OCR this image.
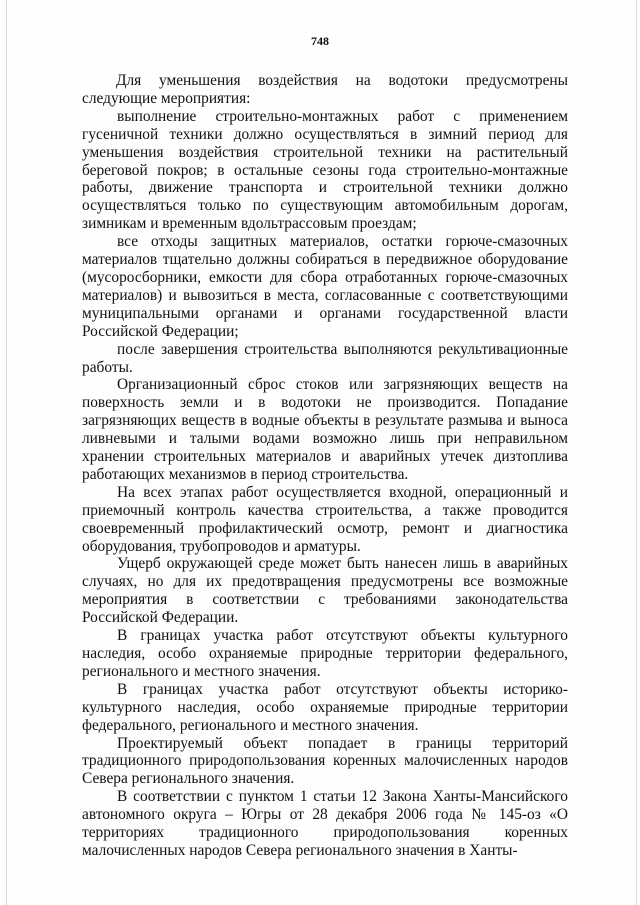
748

Для уменьшения воздействия на водотоки предусмотрены следующие мероприятия:

выполнение строительно-монтажных работ с применением гусеничной техники должно осуществляться в зимний период для уменьшения воздействия строительной техники на растительный береговой покров; в остальные сезоны года строительно-монтажные работы, движение транспорта и строительной техники должно осуществляться только по существующим автомобильным дорогам, зимникам и временным вдольтрассовым проездам;

все отходы защитных материалов, остатки горюче-смазочных материалов тщательно должны собираться в передвижное оборудование (мусоросборники, емкости для сбора отработанных горюче-смазочных материалов) и вывозиться в места, согласованные с соответствующими муниципальными органами и органами государственной власти Российской Федерации;

после завершения строительства выполняются рекультивационные работы.

Организационный сброс стоков или загрязняющих веществ на поверхность земли и в водотоки не производится. Попадание загрязняющих веществ в водные объекты в результате размыва и выноса ливневыми и талыми водами возможно лишь при неправильном хранении строительных материалов и аварийных утечек дизтоплива работающих механизмов в период строительства.

На всех этапах работ осуществляется входной, операционный и приемочный контроль качества строительства, а также проводится своевременный профилактический осмотр, ремонт и диагностика оборудования, трубопроводов и арматуры.

Ущерб окружающей среде может быть нанесен лишь в аварийных случаях, но для их предотвращения предусмотрены все возможные мероприятия в соответствии с требованиями законодательства Российской Федерации.

В границах участка работ отсутствуют объекты культурного наследия, особо охраняемые природные территории федерального, регионального и местного значения.

В границах участка работ отсутствуют объекты историко-культурного наследия, особо охраняемые природные территории федерального, регионального и местного значения.

Проектируемый объект попадает в границы территорий традиционного природопользования коренных малочисленных народов Севера регионального значения.

В соответствии с пунктом 1 статьи 12 Закона Ханты-Мансийского автономного округа – Югры от 28 декабря 2006 года № 145-оз «О территориях традиционного природопользования коренных малочисленных народов Севера регионального значения в Ханты-
